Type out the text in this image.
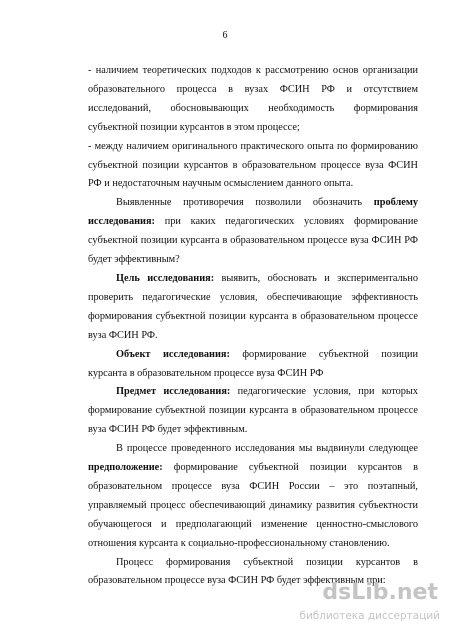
6

- наличием теоретических подходов к рассмотрению основ организации образовательного процесса в вузах ФСИН РФ и отсутствием исследований, обосновывающих необходимость формирования субъектной позиции курсантов в этом процессе;

- между наличием оригинального практического опыта по формированию субъектной позиции курсантов в образовательном процессе вуза ФСИН РФ и недостаточным научным осмыслением данного опыта.

Выявленные противоречия позволили обозначить проблему исследования: при каких педагогических условиях формирование субъектной позиции курсанта в образовательном процессе вуза ФСИН РФ будет эффективным?

Цель исследования: выявить, обосновать и экспериментально проверить педагогические условия, обеспечивающие эффективность формирования субъектной позиции курсанта в образовательном процессе вуза ФСИН РФ.

Объект исследования: формирование субъектной позиции курсанта в образовательном процессе вуза ФСИН РФ

Предмет исследования: педагогические условия, при которых формирование субъектной позиции курсанта в образовательном процессе вуза ФСИН РФ будет эффективным.

В процессе проведенного исследования мы выдвинули следующее предположение: формирование субъектной позиции курсантов в образовательном процессе вуза ФСИН России – это поэтапный, управляемый процесс обеспечивающий динамику развития субъектности обучающегося и предполагающий изменение ценностно-смыслового отношения курсанта к социально-профессиональному становлению.

Процесс формирования субъектной позиции курсантов в образовательном процессе вуза ФСИН РФ будет эффективным при:

dsLib.net
библиотека диссертаций
